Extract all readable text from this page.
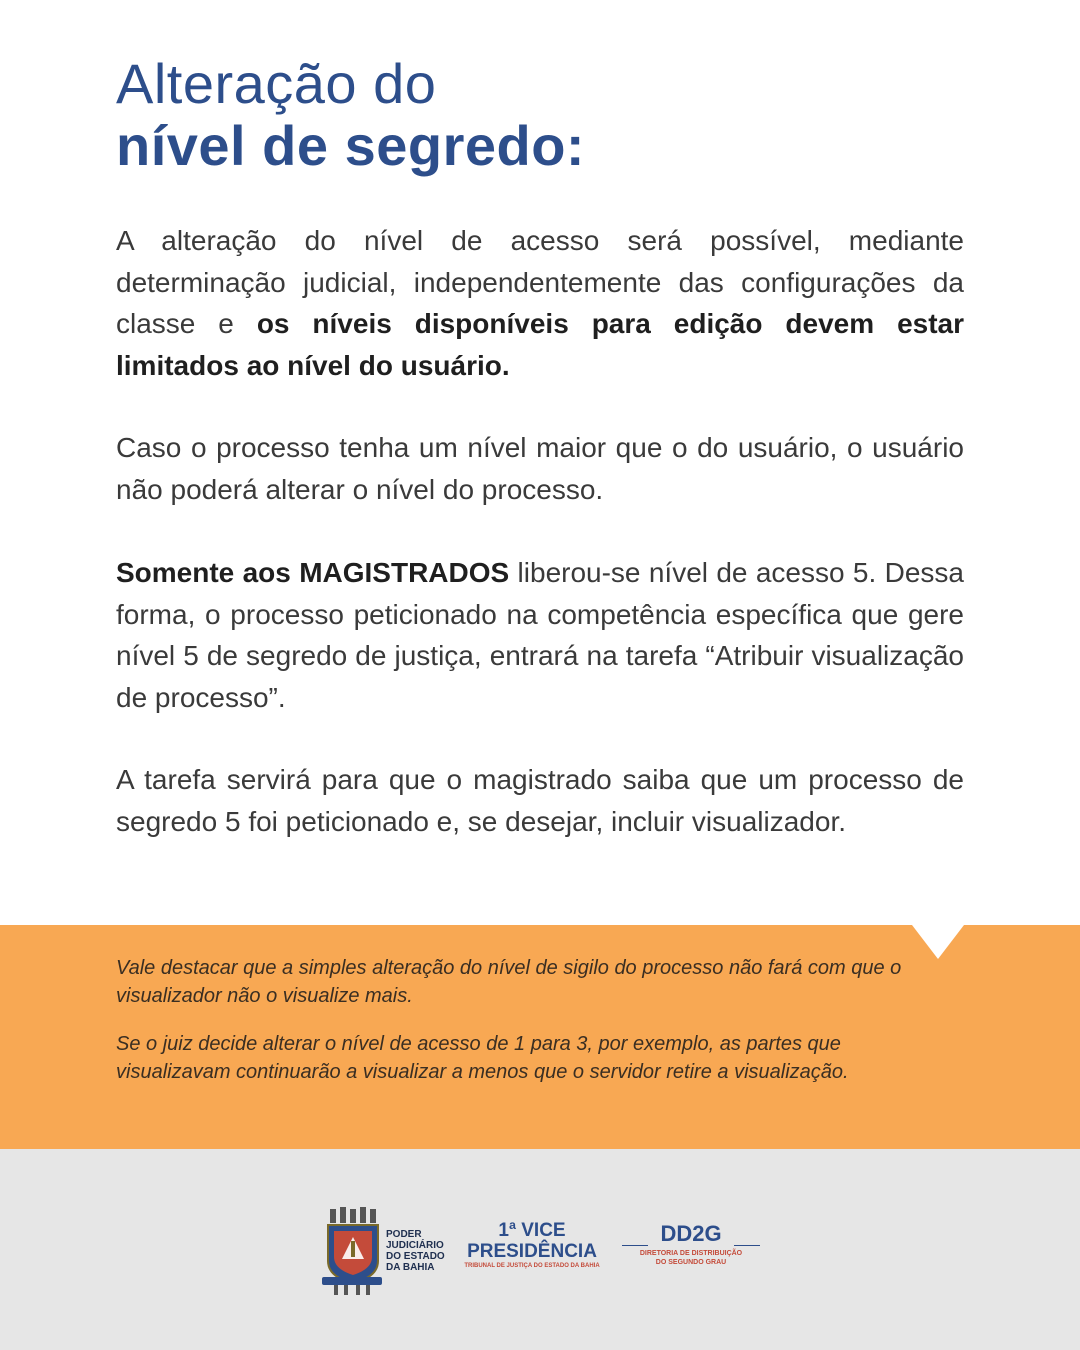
Alteração do
nível de segredo:

A alteração do nível de acesso será possível, mediante determinação judicial, independentemente das configurações da classe e os níveis disponíveis para edição devem estar limitados ao nível do usuário.

Caso o processo tenha um nível maior que o do usuário, o usuário não poderá alterar o nível do processo.

Somente aos MAGISTRADOS liberou-se nível de acesso 5. Dessa forma, o processo peticionado na competência específica que gere nível 5 de segredo de justiça, entrará na tarefa “Atribuir visualização de processo”.

A tarefa servirá para que o magistrado saiba que um processo de segredo 5 foi peticionado e, se desejar, incluir visualizador.

Vale destacar que a simples alteração do nível de sigilo do processo não fará com que o visualizador não o visualize mais.

Se o juiz decide alterar o nível de acesso de 1 para 3, por exemplo, as partes que visualizavam continuarão a visualizar a menos que o servidor retire a visualização.

PODER
JUDICIÁRIO
DO ESTADO
DA BAHIA
1ª VICE
PRESIDÊNCIA
TRIBUNAL DE JUSTIÇA DO ESTADO DA BAHIA
DD2G
DIRETORIA DE DISTRIBUIÇÃO
DO SEGUNDO GRAU
